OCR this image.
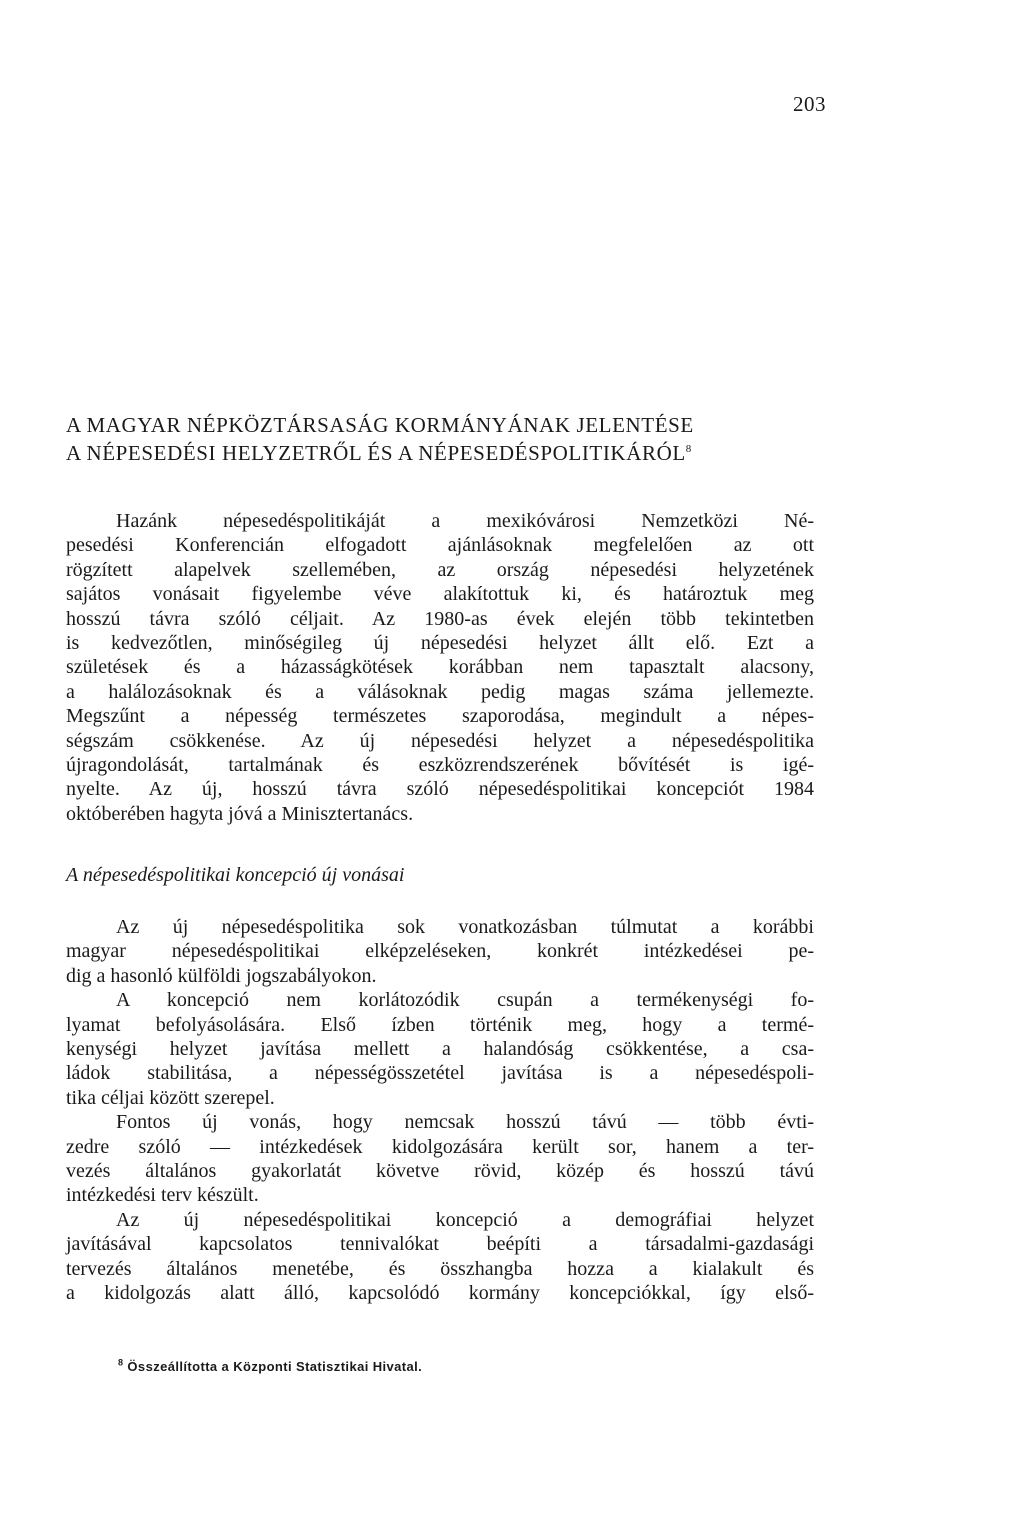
203
A MAGYAR NÉPKÖZTÁRSASÁG KORMÁNYÁNAK JELENTÉSE
A NÉPESEDÉSI HELYZETRŐL ÉS A NÉPESEDÉSPOLITIKÁRÓL$^8$
Hazánk népesedéspolitikáját a mexikóvárosi Nemzetközi Né-
pesedési Konferencián elfogadott ajánlásoknak megfelelően az ott
rögzített alapelvek szellemében, az ország népesedési helyzetének
sajátos vonásait figyelembe véve alakítottuk ki, és határoztuk meg
hosszú távra szóló céljait. Az 1980-as évek elején több tekintetben
is kedvezőtlen, minőségileg új népesedési helyzet állt elő. Ezt a
születések és a házasságkötések korábban nem tapasztalt alacsony,
a halálozásoknak és a válásoknak pedig magas száma jellemezte.
Megszűnt a népesség természetes szaporodása, megindult a népes-
ségszám csökkenése. Az új népesedési helyzet a népesedéspolitika
újragondolását, tartalmának és eszközrendszerének bővítését is igé-
nyelte. Az új, hosszú távra szóló népesedéspolitikai koncepciót 1984
októberében hagyta jóvá a Minisztertanács.
A népesedéspolitikai koncepció új vonásai
Az új népesedéspolitika sok vonatkozásban túlmutat a korábbi
magyar népesedéspolitikai elképzeléseken, konkrét intézkedései pe-
dig a hasonló külföldi jogszabályokon.
A koncepció nem korlátozódik csupán a termékenységi fo-
lyamat befolyásolására. Első ízben történik meg, hogy a termé-
kenységi helyzet javítása mellett a halandóság csökkentése, a csa-
ládok stabilitása, a népességösszetétel javítása is a népesedéspoli-
tika céljai között szerepel.
Fontos új vonás, hogy nemcsak hosszú távú — több évti-
zedre szóló — intézkedések kidolgozására került sor, hanem a ter-
vezés általános gyakorlatát követve rövid, közép és hosszú távú
intézkedési terv készült.
Az új népesedéspolitikai koncepció a demográfiai helyzet
javításával kapcsolatos tennivalókat beépíti a társadalmi-gazdasági
tervezés általános menetébe, és összhangba hozza a kialakult és
a kidolgozás alatt álló, kapcsolódó kormány koncepciókkal, így első-
$^8$ Összeállította a Központi Statisztikai Hivatal.
